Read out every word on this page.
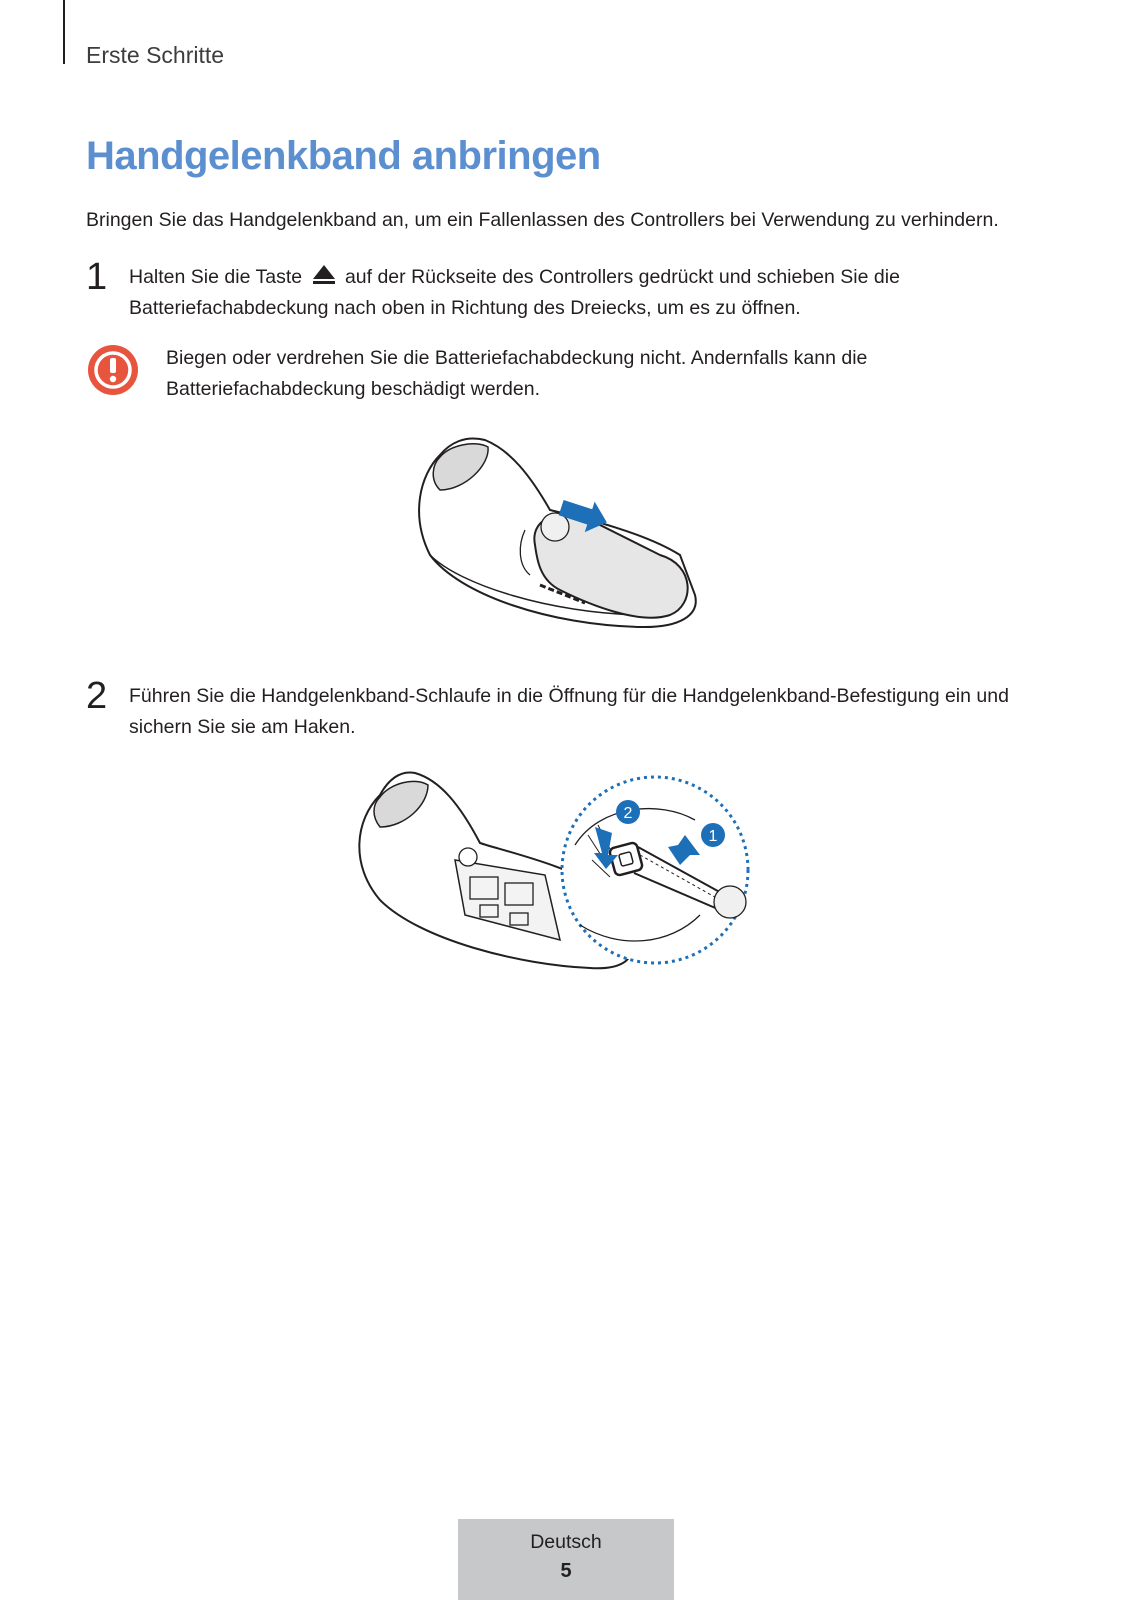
Erste Schritte
Handgelenkband anbringen

Bringen Sie das Handgelenkband an, um ein Fallenlassen des Controllers bei Verwendung zu verhindern.

1 Halten Sie die Taste auf der Rückseite des Controllers gedrückt und schieben Sie die Batteriefachabdeckung nach oben in Richtung des Dreiecks, um es zu öffnen.

Biegen oder verdrehen Sie die Batteriefachabdeckung nicht. Andernfalls kann die Batteriefachabdeckung beschädigt werden.

2 Führen Sie die Handgelenkband-Schlaufe in die Öffnung für die Handgelenkband-Befestigung ein und sichern Sie sie am Haken.

2
1
Deutsch
5
